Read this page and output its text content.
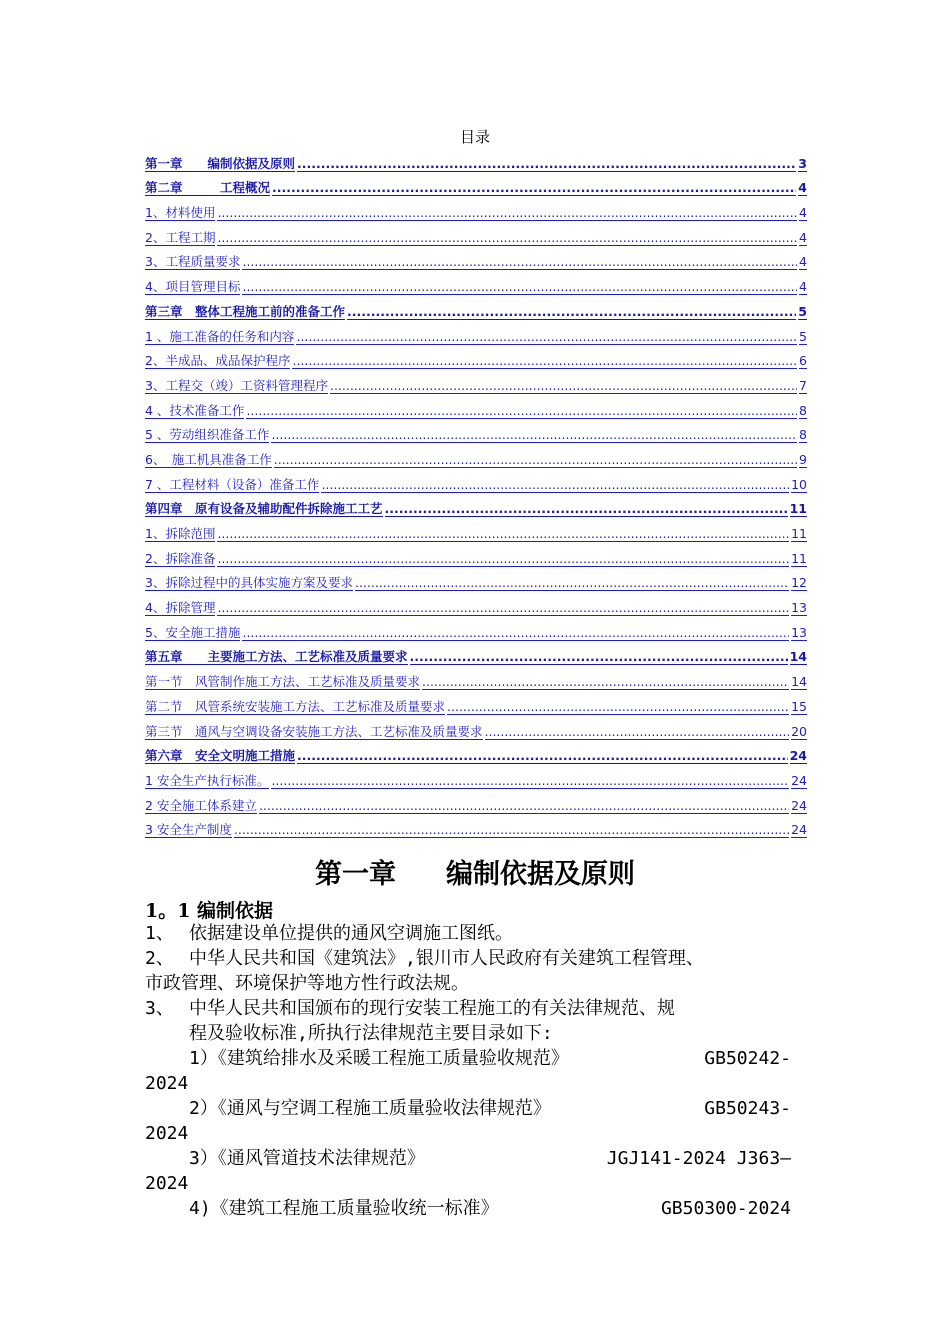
目录
第一章　　编制依据及原则 .....	3
第二章　　　工程概况 .....	4
1、材料使用 .....	4
2、工程工期 .....	4
3、工程质量要求 .....	4
4、项目管理目标 .....	4
第三章　整体工程施工前的准备工作 .....	5
1 、施工准备的任务和内容 .....	5
2、半成品、成品保护程序 .....	6
3、工程交（竣）工资料管理程序 .....	7
4 、技术准备工作 .....	8
5 、劳动组织准备工作 .....	8
6、　施工机具准备工作 .....	9
7 、工程材料（设备）准备工作 .....	10
第四章　原有设备及辅助配件拆除施工工艺 .....	11
1、拆除范围 .....	11
2、拆除准备 .....	11
3、拆除过程中的具体实施方案及要求 .....	12
4、拆除管理 .....	13
5、安全施工措施 .....	13
第五章　　主要施工方法、工艺标准及质量要求 .....	14
第一节　风管制作施工方法、工艺标准及质量要求 .....	14
第二节　风管系统安装施工方法、工艺标准及质量要求 .....	15
第三节　通风与空调设备安装施工方法、工艺标准及质量要求 .....	20
第六章　安全文明施工措施 .....	24
1 安全生产执行标准。 .....	24
2 安全施工体系建立 .....	24
3 安全生产制度 .....	24
第一章 编制依据及原则
1。1 编制依据
1、 依据建设单位提供的通风空调施工图纸。
2、 中华人民共和国《建筑法》,银川市人民政府有关建筑工程管理、
市政管理、环境保护等地方性行政法规。
3、 中华人民共和国颁布的现行安装工程施工的有关法律规范、规
程及验收标准,所执行法律规范主要目录如下:
1）《建筑给排水及采暖工程施工质量验收规范》	GB50242-
2024
2）《通风与空调工程施工质量验收法律规范》	GB50243-
2024
3）《通风管道技术法律规范》	JGJ141-2024 J363—
2024
4)《建筑工程施工质量验收统一标准》	GB50300-2024
